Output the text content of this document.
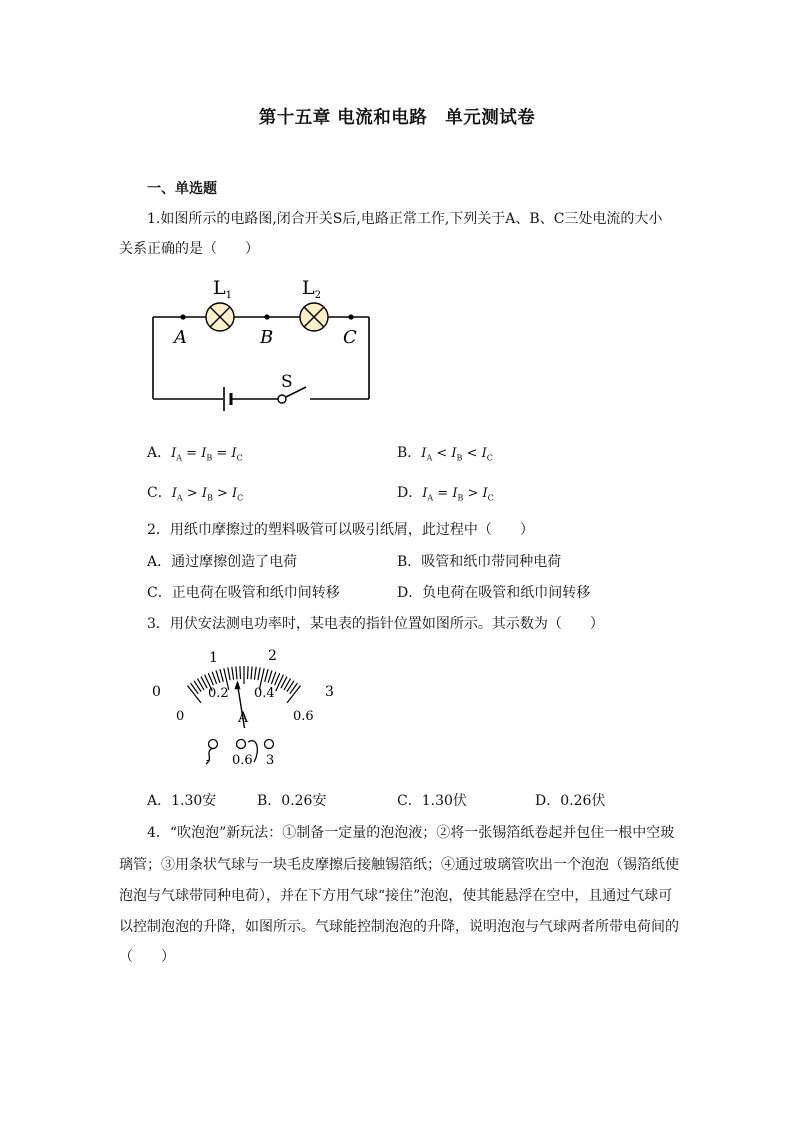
第十五章 电流和电路　单元测试卷
一、单选题
1.如图所示的电路图,闭合开关S后,电路正常工作,下列关于A、B、C三处电流的大小
关系正确的是（　　）
$L_1$	$L_2$
A	B	C
S
A．$I_A = I_B = I_C$	B．$I_A < I_B < I_C$
C．$I_A > I_B > I_C$	D．$I_A = I_B > I_C$
2．用纸巾摩擦过的塑料吸管可以吸引纸屑，此过程中（　　）
A．通过摩擦创造了电荷	B．吸管和纸巾带同种电荷
C．正电荷在吸管和纸巾间转移	D．负电荷在吸管和纸巾间转移
3．用伏安法测电功率时，某电表的指针位置如图所示。其示数为（　　）
0
1	2
3
0
0.2 0.4
0.6
A
- 0.6 3
A．1.30安	B．0.26安	C．1.30伏	D．0.26伏
4．“吹泡泡”新玩法：①制备一定量的泡泡液；②将一张锡箔纸卷起并包住一根中空玻
璃管；③用条状气球与一块毛皮摩擦后接触锡箔纸；④通过玻璃管吹出一个泡泡（锡箔纸使
泡泡与气球带同种电荷），并在下方用气球“接住”泡泡，使其能悬浮在空中，且通过气球可
以控制泡泡的升降，如图所示。气球能控制泡泡的升降，说明泡泡与气球两者所带电荷间的
（　　）
